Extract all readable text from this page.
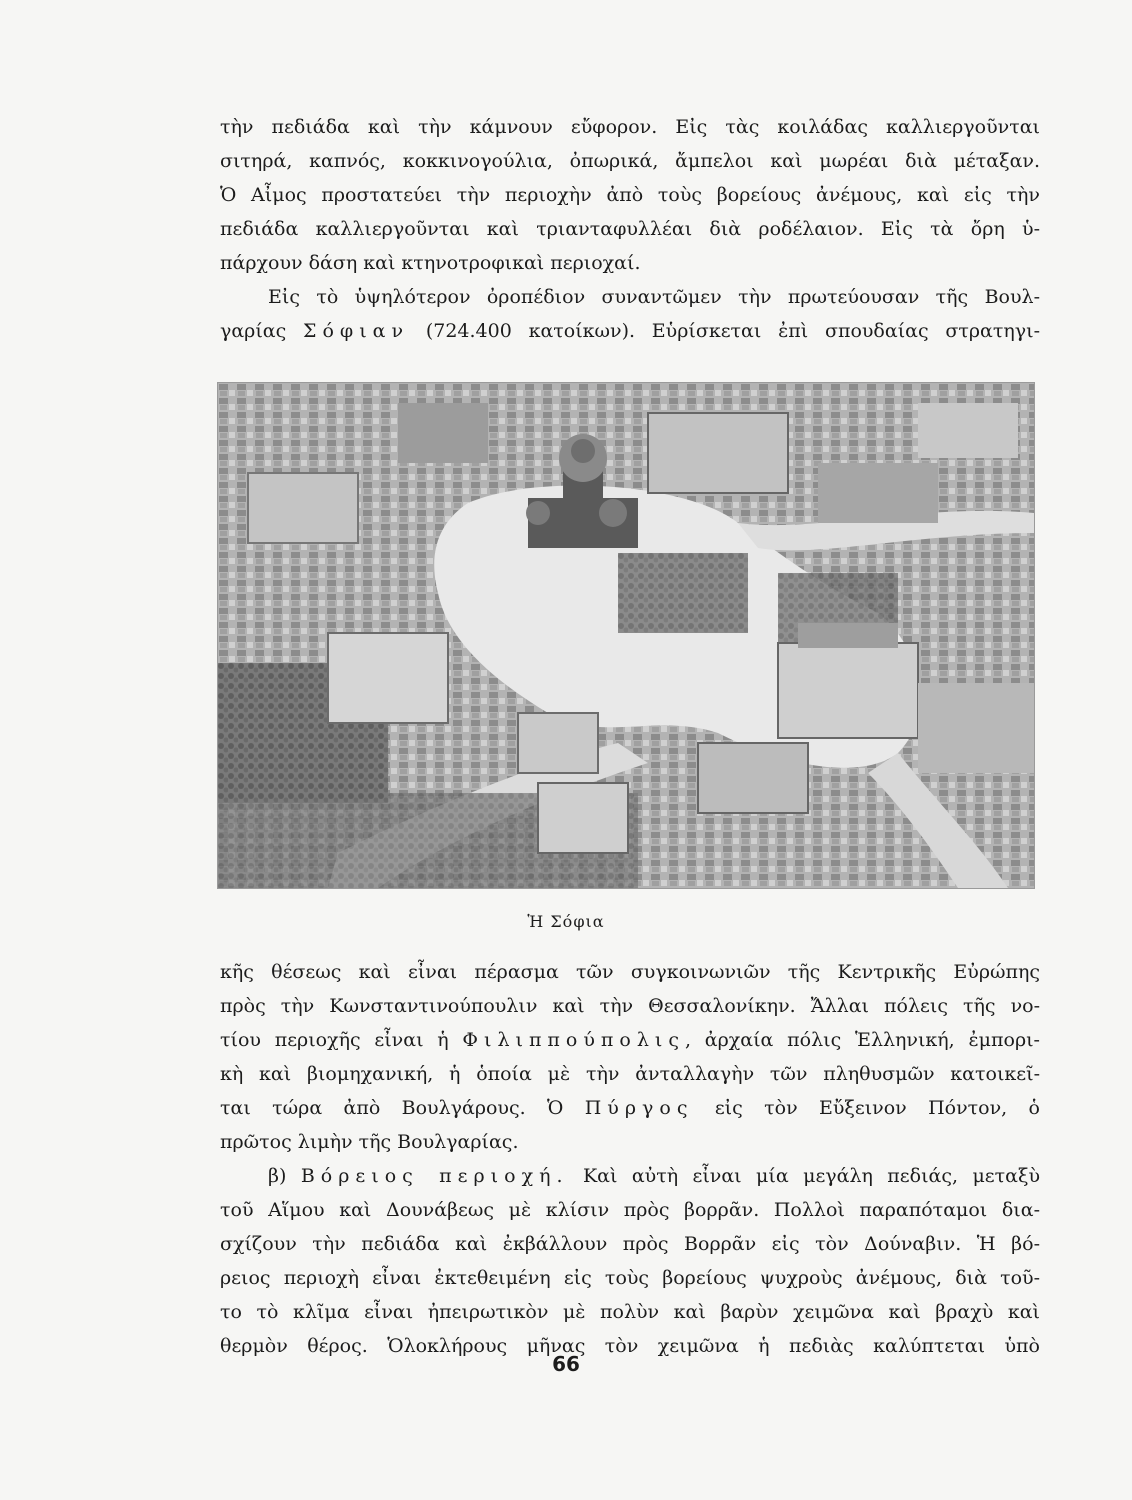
τὴν πεδιάδα καὶ τὴν κάμνουν εὔφορον. Εἰς τὰς κοιλάδας καλλιεργοῦνται
σιτηρά, καπνός, κοκκινογούλια, ὀπωρικά, ἄμπελοι καὶ μωρέαι διὰ μέταξαν.
Ὁ Αἶμος προστατεύει τὴν περιοχὴν ἀπὸ τοὺς βορείους ἀνέμους, καὶ εἰς τὴν
πεδιάδα καλλιεργοῦνται καὶ τριανταφυλλέαι διὰ ροδέλαιον. Εἰς τὰ ὄρη ὑ-
πάρχουν δάση καὶ κτηνοτροφικαὶ περιοχαί.
Εἰς τὸ ὑψηλότερον ὀροπέδιον συναντῶμεν τὴν πρωτεύουσαν τῆς Βουλ-
γαρίας Σόφιαν (724.400 κατοίκων). Εὑρίσκεται ἐπὶ σπουδαίας στρατηγι-
Ἡ Σόφια
κῆς θέσεως καὶ εἶναι πέρασμα τῶν συγκοινωνιῶν τῆς Κεντρικῆς Εὐρώπης
πρὸς τὴν Κωνσταντινούπουλιν καὶ τὴν Θεσσαλονίκην. Ἄλλαι πόλεις τῆς νο-
τίου περιοχῆς εἶναι ἡ Φιλιππούπολις, ἀρχαία πόλις Ἑλληνική, ἐμπορι-
κὴ καὶ βιομηχανική, ἡ ὁποία μὲ τὴν ἀνταλλαγὴν τῶν πληθυσμῶν κατοικεῖ-
ται τώρα ἀπὸ Βουλγάρους. Ὁ Πύργος εἰς τὸν Εὔξεινον Πόντον, ὁ
πρῶτος λιμὴν τῆς Βουλγαρίας.
β) Βόρειος περιοχή. Καὶ αὐτὴ εἶναι μία μεγάλη πεδιάς, μεταξὺ
τοῦ Αἵμου καὶ Δουνάβεως μὲ κλίσιν πρὸς βορρᾶν. Πολλοὶ παραπόταμοι δια-
σχίζουν τὴν πεδιάδα καὶ ἐκβάλλουν πρὸς Βορρᾶν εἰς τὸν Δούναβιν. Ἡ βό-
ρειος περιοχὴ εἶναι ἐκτεθειμένη εἰς τοὺς βορείους ψυχροὺς ἀνέμους, διὰ τοῦ-
το τὸ κλῖμα εἶναι ἠπειρωτικὸν μὲ πολὺν καὶ βαρὺν χειμῶνα καὶ βραχὺ καὶ
θερμὸν θέρος. Ὁλοκλήρους μῆνας τὸν χειμῶνα ἡ πεδιὰς καλύπτεται ὑπὸ
66
